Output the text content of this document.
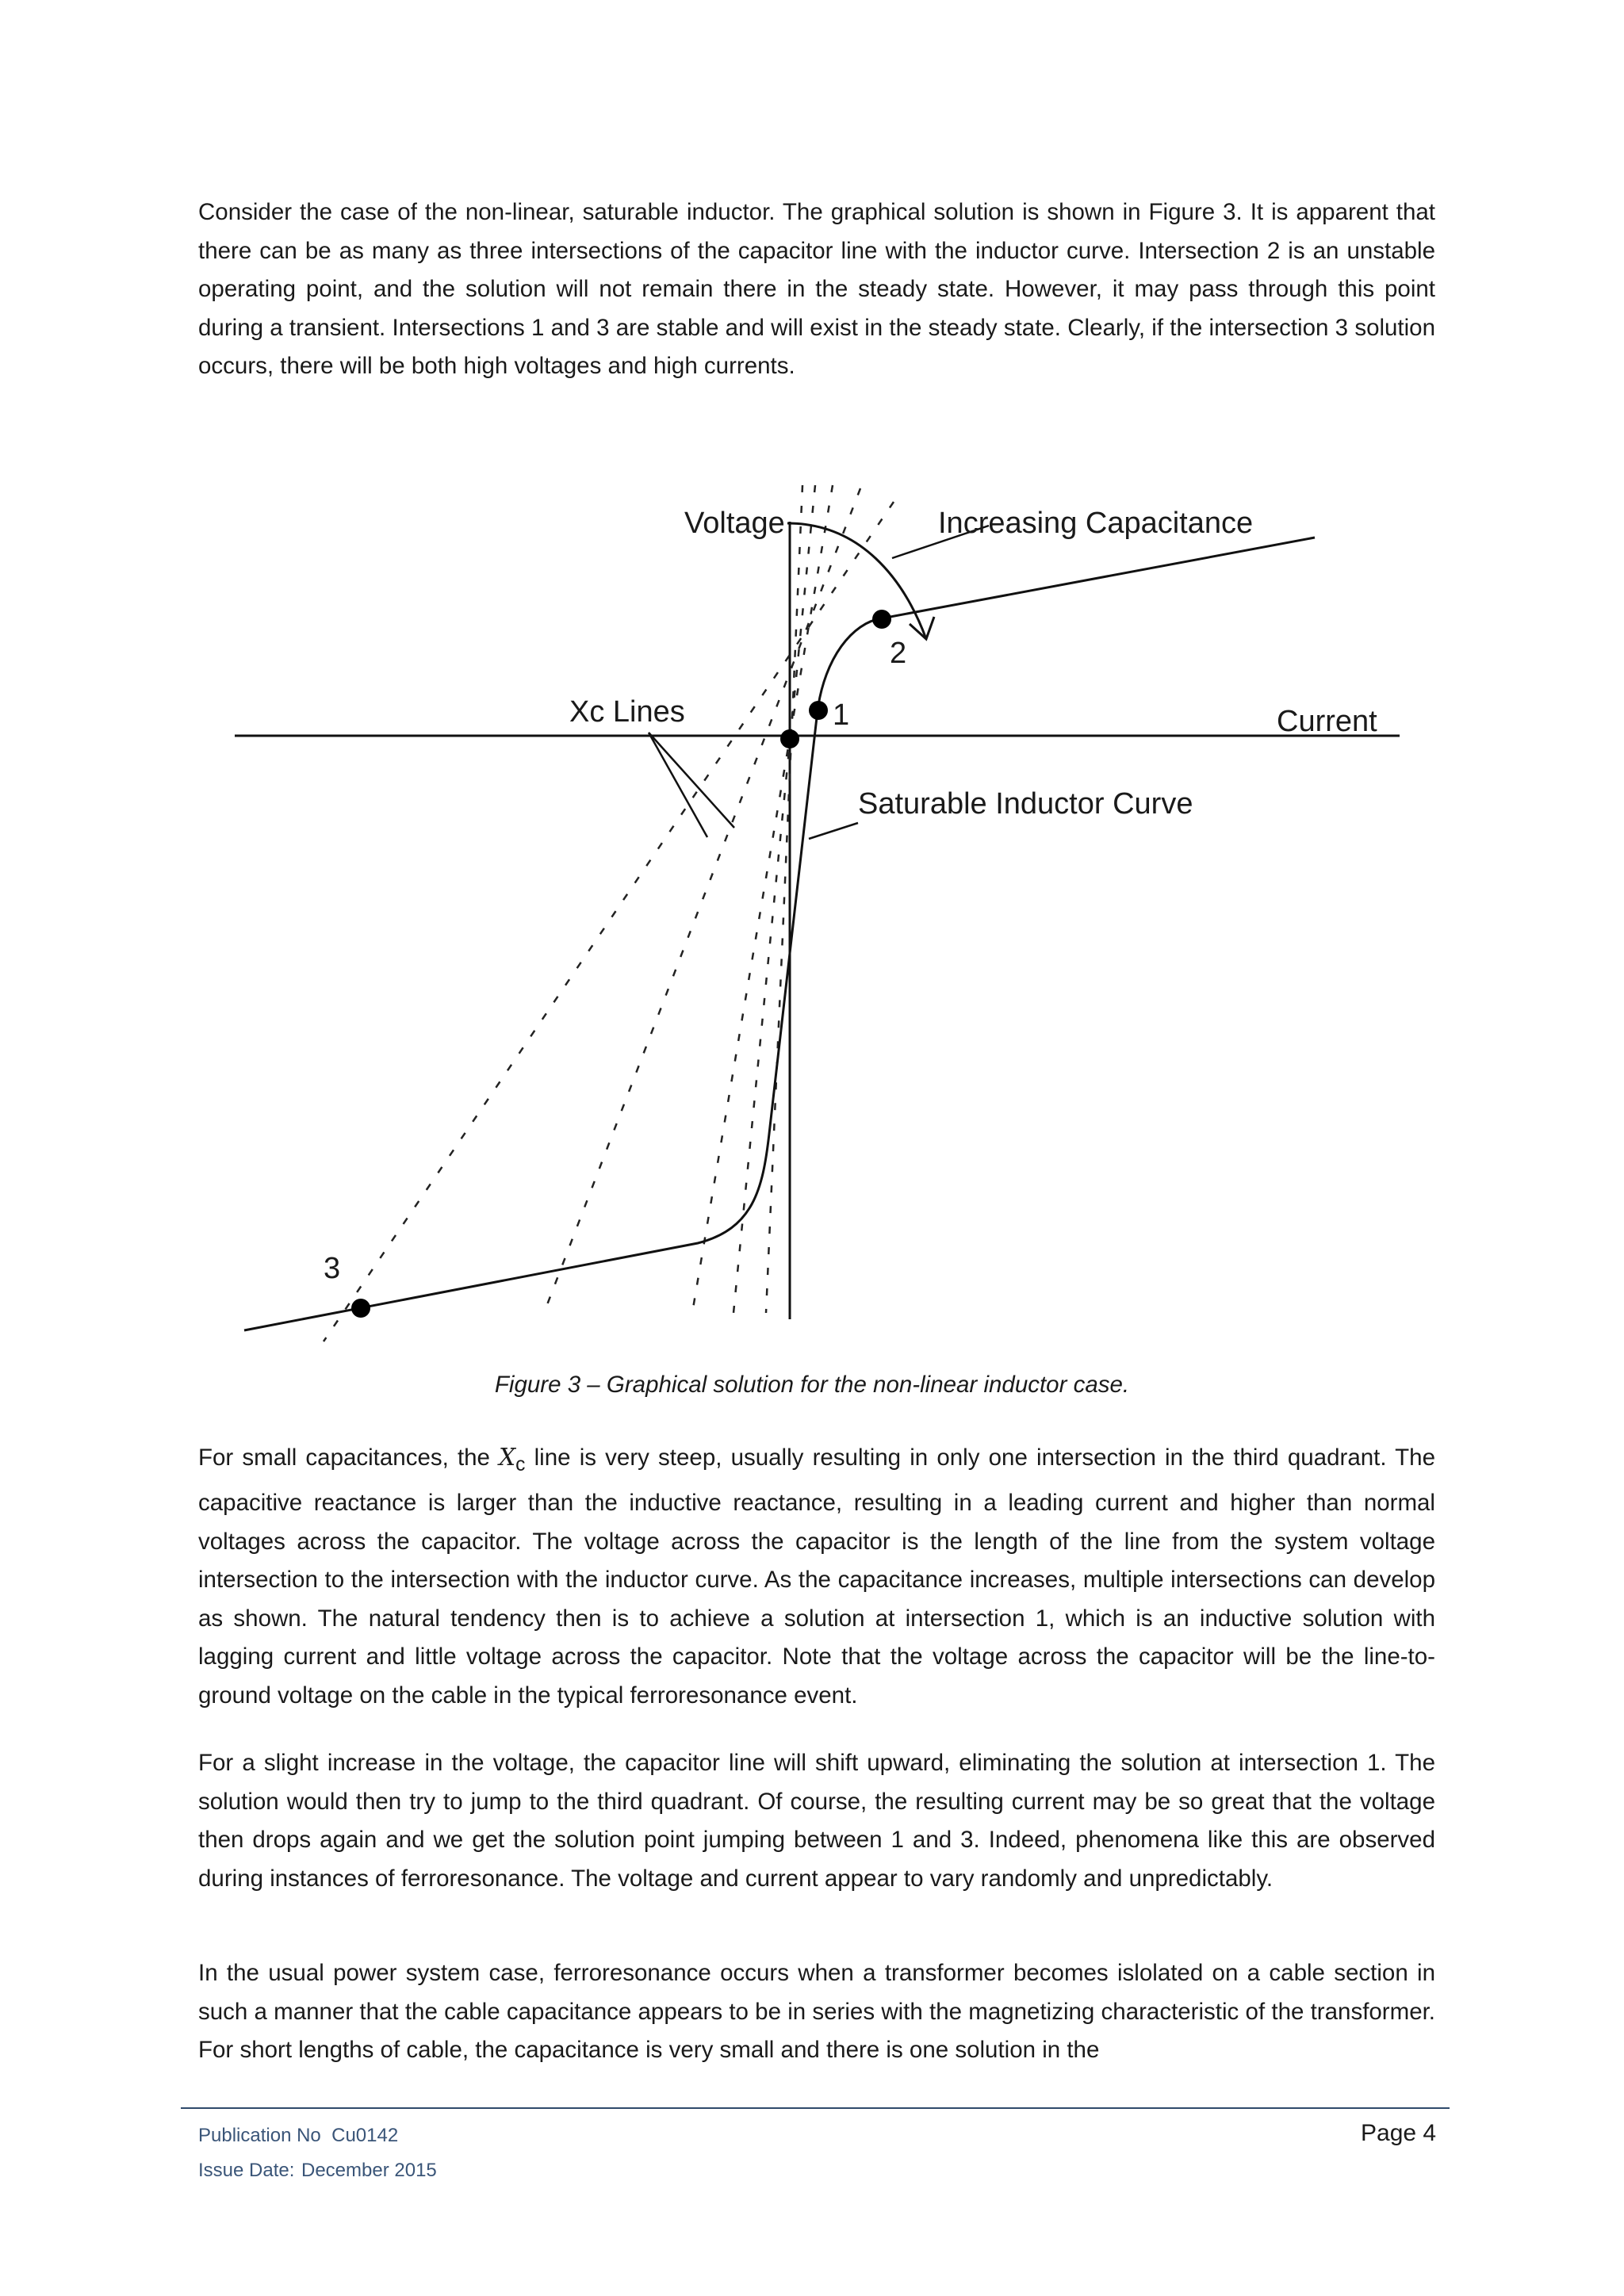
Consider the case of the non-linear, saturable inductor. The graphical solution is shown in Figure 3. It is apparent that there can be as many as three intersections of the capacitor line with the inductor curve. Intersection 2 is an unstable operating point, and the solution will not remain there in the steady state. However, it may pass through this point during a transient. Intersections 1 and 3 are stable and will exist in the steady state. Clearly, if the intersection 3 solution occurs, there will be both high voltages and high currents.

Voltage	Increasing Capacitance
Xc Lines	Current
Saturable Inductor Curve
1
2
3

Figure 3 – Graphical solution for the non-linear inductor case.

For small capacitances, the $X_c$ line is very steep, usually resulting in only one intersection in the third quadrant. The capacitive reactance is larger than the inductive reactance, resulting in a leading current and higher than normal voltages across the capacitor. The voltage across the capacitor is the length of the line from the system voltage intersection to the intersection with the inductor curve. As the capacitance increases, multiple intersections can develop as shown. The natural tendency then is to achieve a solution at intersection 1, which is an inductive solution with lagging current and little voltage across the capacitor. Note that the voltage across the capacitor will be the line-to-ground voltage on the cable in the typical ferroresonance event.

For a slight increase in the voltage, the capacitor line will shift upward, eliminating the solution at intersection 1. The solution would then try to jump to the third quadrant. Of course, the resulting current may be so great that the voltage then drops again and we get the solution point jumping between 1 and 3. Indeed, phenomena like this are observed during instances of ferroresonance. The voltage and current appear to vary randomly and unpredictably.

In the usual power system case, ferroresonance occurs when a transformer becomes islolated on a cable section in such a manner that the cable capacitance appears to be in series with the magnetizing characteristic of the transformer. For short lengths of cable, the capacitance is very small and there is one solution in the

Publication No Cu0142
Issue Date: December 2015
Page 4
